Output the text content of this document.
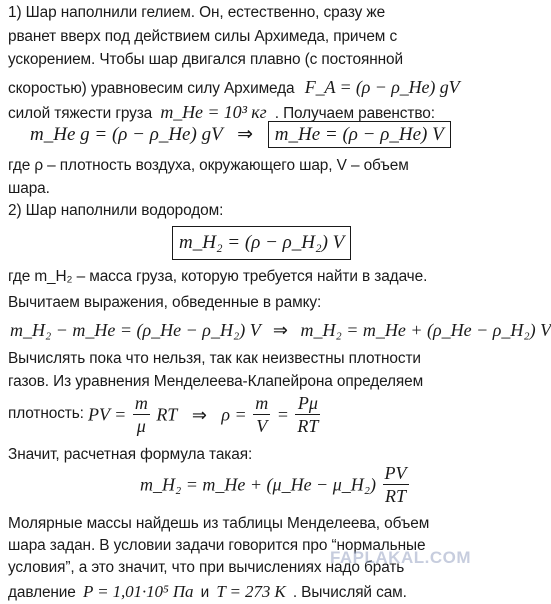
1) Шар наполнили гелием. Он, естественно, сразу же
рванет вверх под действием силы Архимеда, причем с
ускорением. Чтобы шар двигался плавно (с постоянной
скоростью) уравновесим силу Архимеда F_A = (ρ − ρ_He) gV
силой тяжести груза m_He = 10³ кг . Получаем равенство:
m_He g = (ρ − ρ_He) gV ⇒ m_He = (ρ − ρ_He) V
где ρ – плотность воздуха, окружающего шар, V – объем
шара.
2) Шар наполнили водородом:
m_H₂ = (ρ − ρ_H₂) V
где m_H₂ – масса груза, которую требуется найти в задаче.
Вычитаем выражения, обведенные в рамку:
m_H₂ − m_He = (ρ_He − ρ_H₂) V ⇒ m_H₂ = m_He + (ρ_He − ρ_H₂) V
Вычислять пока что нельзя, так как неизвестны плотности
газов. Из уравнения Менделеева-Клапейрона определяем
плотность: PV = $\frac{m}{\mu}$ RT ⇒ $\rho = \frac{m}{V} = \frac{P\mu}{RT}$
Значит, расчетная формула такая:
m_H₂ = m_He + (μ_He − μ_H₂) $\frac{PV}{RT}$
Молярные массы найдешь из таблицы Менделеева, объем
шара задан. В условии задачи говорится про “нормальные
условия”, а это значит, что при вычислениях надо брать
давление P = 1,01·10⁵ Па и T = 273 K . Вычисляй сам.
FAPLAKAL.COM
